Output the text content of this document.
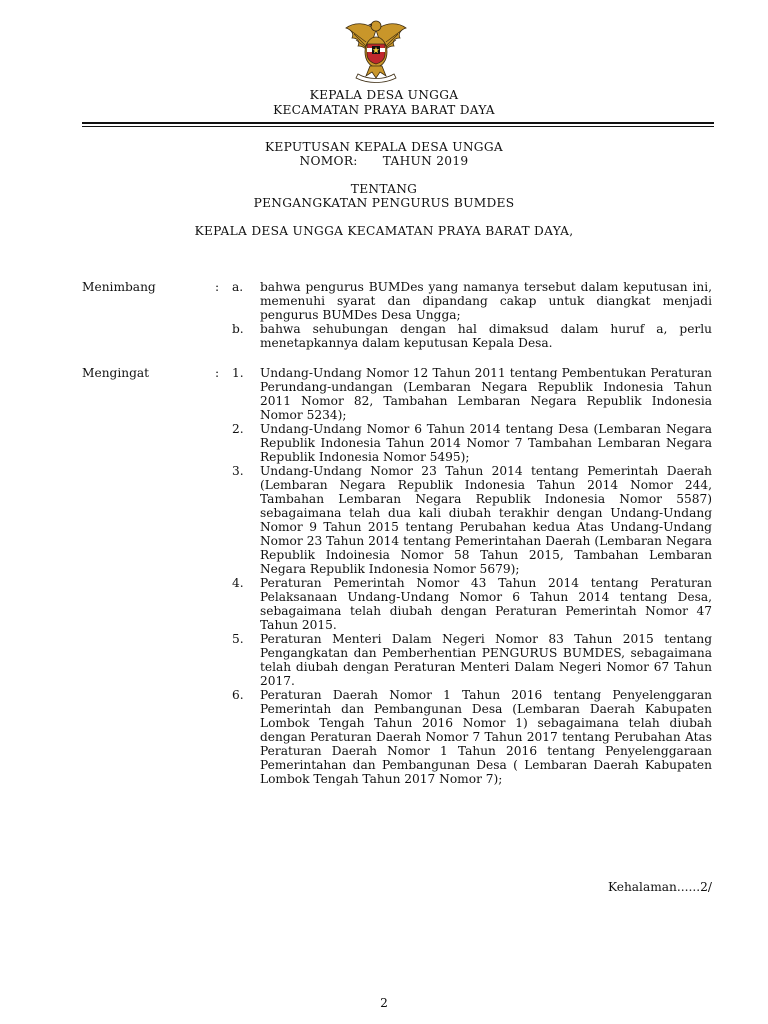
KEPALA DESA UNGGA
KECAMATAN PRAYA BARAT DAYA
KEPUTUSAN KEPALA DESA UNGGA
NOMOR:      TAHUN 2019
TENTANG
PENGANGKATAN PENGURUS BUMDES
KEPALA DESA UNGGA KECAMATAN PRAYA BARAT DAYA,
Menimbang	: a. bahwa pengurus BUMDes yang namanya tersebut dalam keputusan ini, memenuhi syarat dan dipandang cakap untuk diangkat menjadi pengurus BUMDes Desa Ungga;
b. bahwa sehubungan dengan hal dimaksud dalam huruf a, perlu menetapkannya dalam keputusan Kepala Desa.
Mengingat	: 1. Undang-Undang Nomor 12 Tahun 2011 tentang Pembentukan Peraturan Perundang-undangan (Lembaran Negara Republik Indonesia Tahun 2011 Nomor 82, Tambahan Lembaran Negara Republik Indonesia Nomor 5234);
2. Undang-Undang Nomor 6 Tahun 2014 tentang Desa (Lembaran Negara Republik Indonesia Tahun 2014 Nomor 7 Tambahan Lembaran Negara Republik Indonesia Nomor 5495);
3. Undang-Undang Nomor 23 Tahun 2014 tentang Pemerintah Daerah (Lembaran Negara Republik Indonesia Tahun 2014 Nomor 244, Tambahan Lembaran Negara Republik Indonesia Nomor 5587) sebagaimana telah dua kali diubah terakhir dengan Undang-Undang Nomor 9 Tahun 2015 tentang Perubahan kedua Atas Undang-Undang Nomor 23 Tahun 2014 tentang Pemerintahan Daerah (Lembaran Negara Republik Indoinesia Nomor 58 Tahun 2015, Tambahan Lembaran Negara Republik Indonesia Nomor 5679);
4. Peraturan Pemerintah Nomor 43 Tahun 2014 tentang Peraturan Pelaksanaan Undang-Undang Nomor 6 Tahun 2014 tentang Desa, sebagaimana telah diubah dengan Peraturan Pemerintah Nomor 47 Tahun 2015.
5. Peraturan Menteri Dalam Negeri Nomor 83 Tahun 2015 tentang Pengangkatan dan Pemberhentian PENGURUS BUMDES, sebagaimana telah diubah dengan Peraturan Menteri Dalam Negeri Nomor 67 Tahun 2017.
6. Peraturan Daerah Nomor 1 Tahun 2016 tentang Penyelenggaran Pemerintah dan Pembangunan Desa (Lembaran Daerah Kabupaten Lombok Tengah Tahun 2016 Nomor 1) sebagaimana telah diubah dengan Peraturan Daerah Nomor 7 Tahun 2017 tentang Perubahan Atas Peraturan Daerah Nomor 1 Tahun 2016 tentang Penyelenggaraan Pemerintahan dan Pembangunan Desa ( Lembaran Daerah Kabupaten Lombok Tengah Tahun 2017 Nomor 7);
Kehalaman......2/
2
